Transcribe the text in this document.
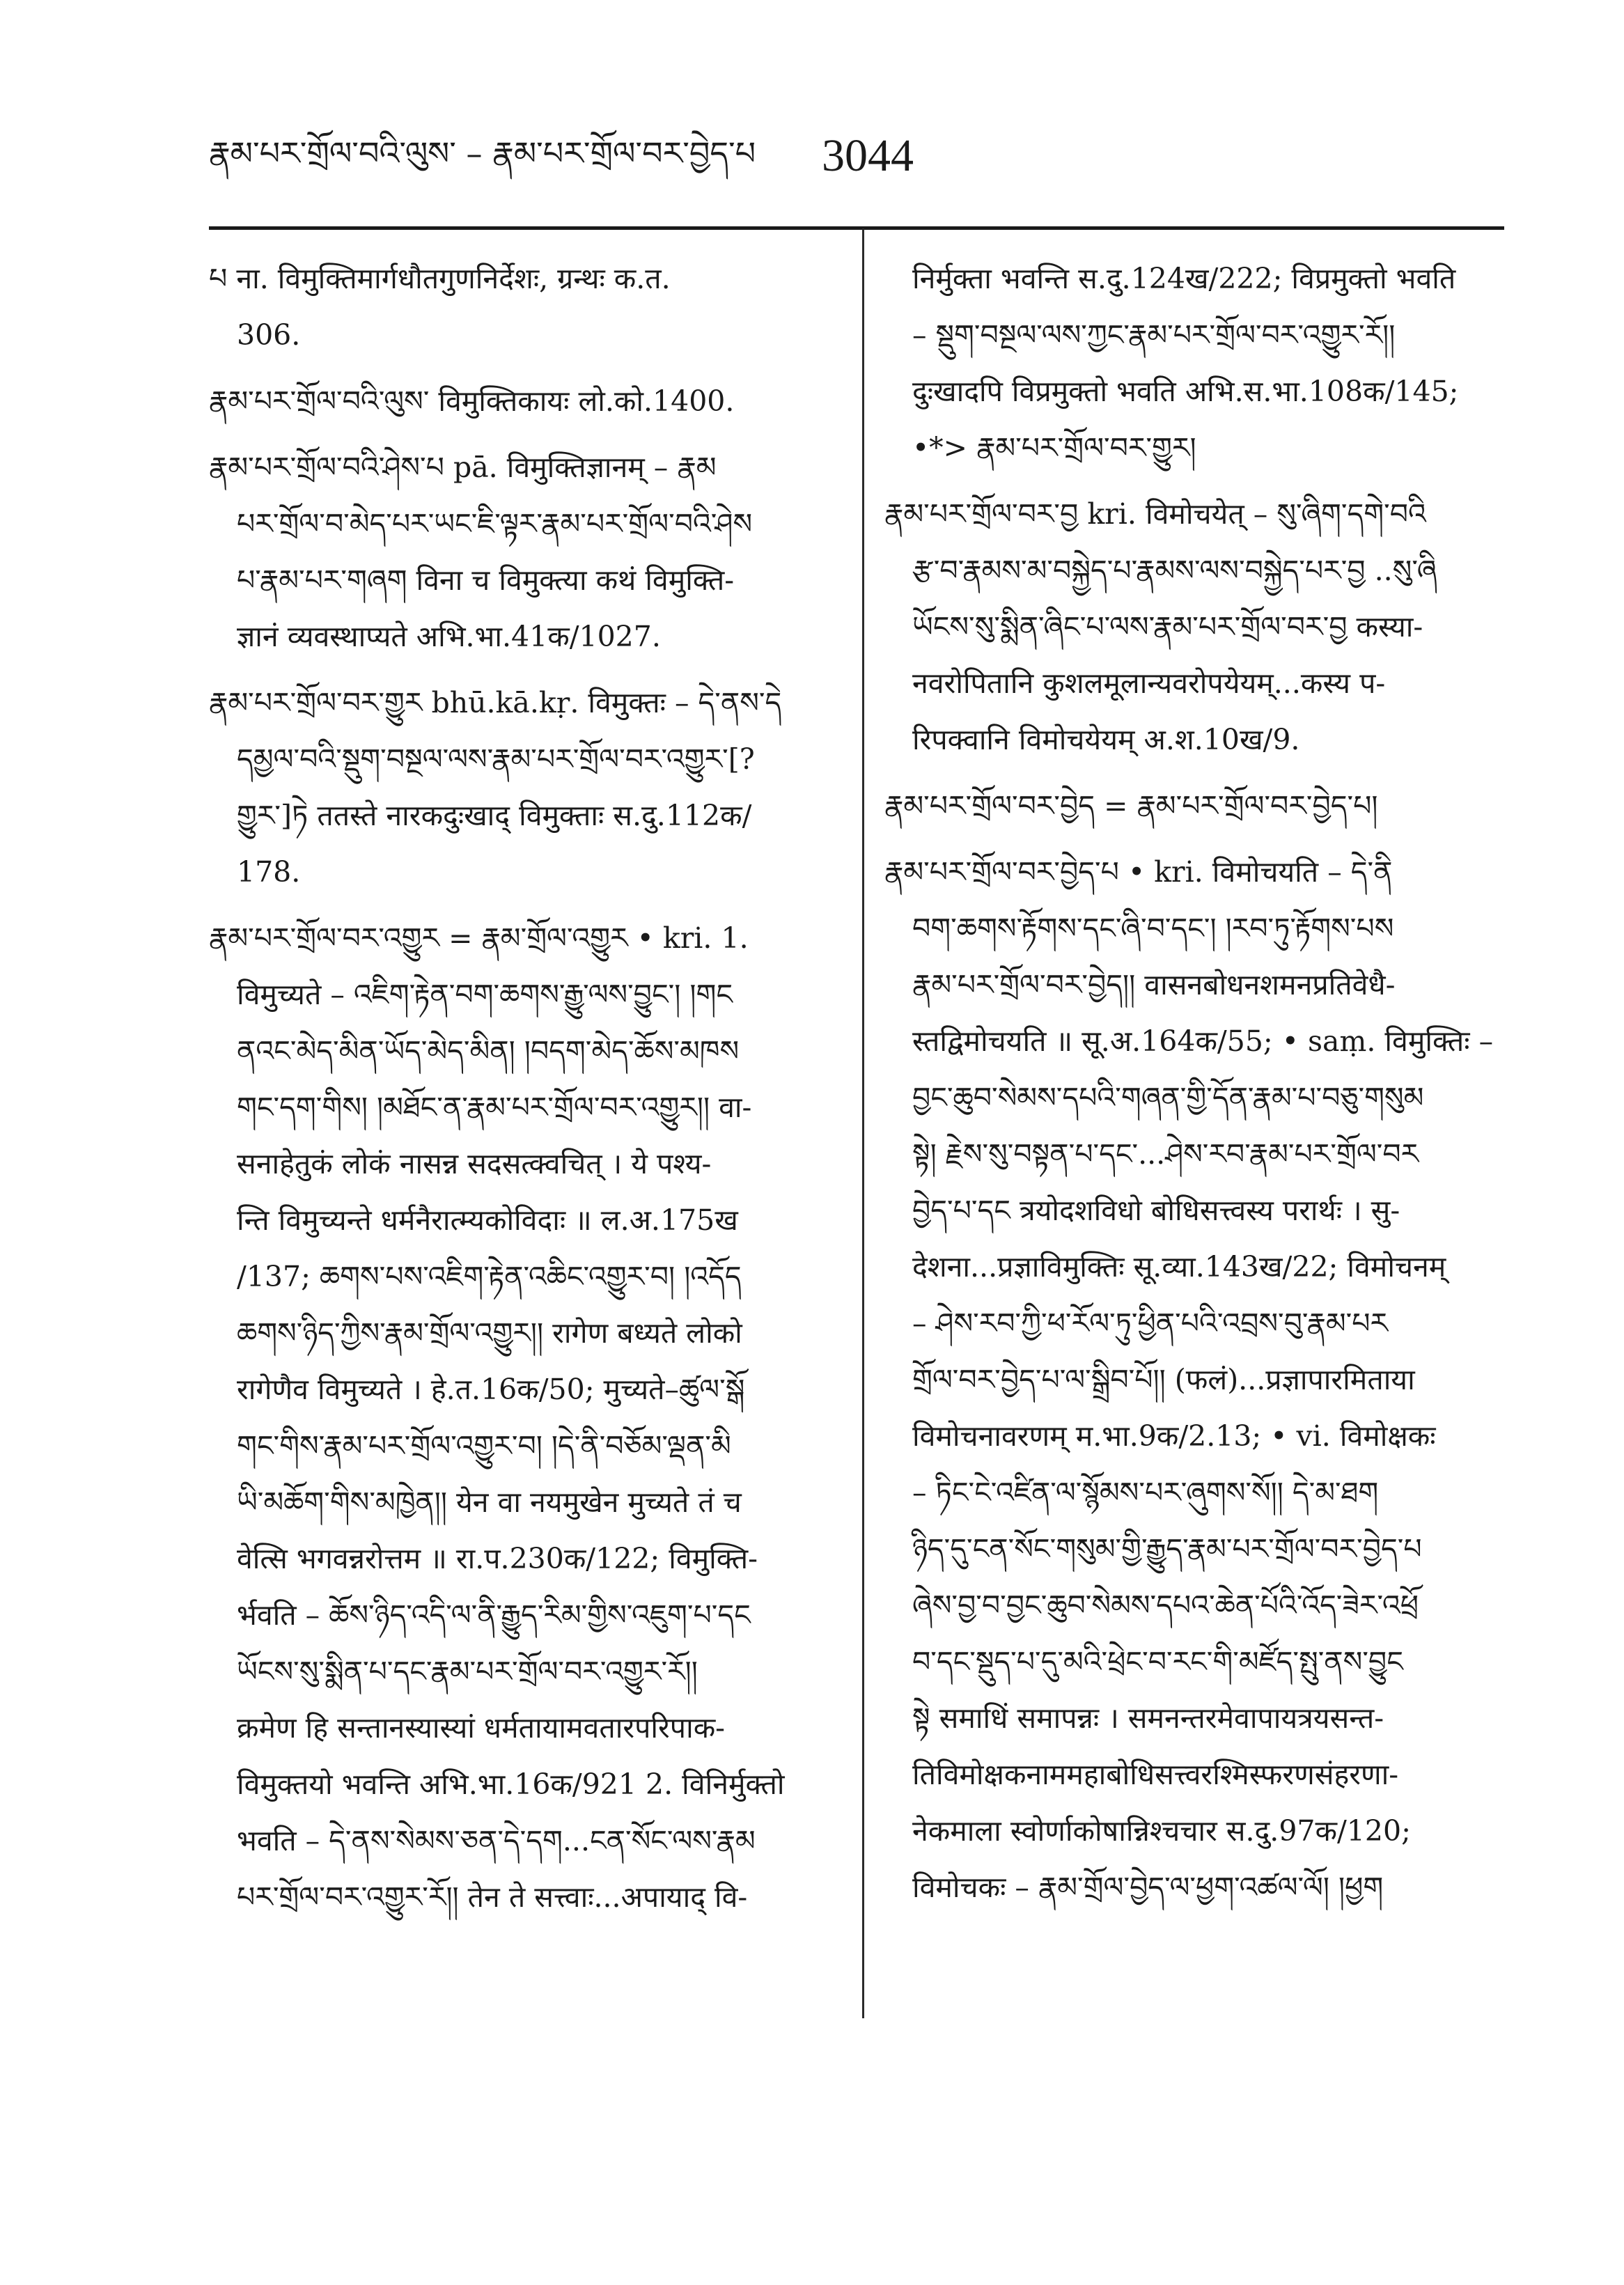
རྣམ་པར་གྲོལ་བའི་ལུས་ – རྣམ་པར་གྲོལ་བར་བྱེད་པ 3044
པ ना. विमुक्तिमार्गधौतगुणनिर्देशः, ग्रन्थः क.त.
306.
རྣམ་པར་གྲོལ་བའི་ལུས་ विमुक्तिकायः लो.को.1400.
རྣམ་པར་གྲོལ་བའི་ཤེས་པ pā. विमुक्तिज्ञानम् – རྣམ
པར་གྲོལ་བ་མེད་པར་ཡང་ཇི་ལྟར་རྣམ་པར་གྲོལ་བའི་ཤེས
པ་རྣམ་པར་གཞག विना च विमुक्त्या कथं विमुक्ति-
ज्ञानं व्यवस्थाप्यते अभि.भा.41क/1027.
རྣམ་པར་གྲོལ་བར་གྱུར bhū.kā.kṛ. विमुक्तः – དེ་ནས་དེ
དམྱལ་བའི་སྡུག་བསྔལ་ལས་རྣམ་པར་གྲོལ་བར་འགྱུར་[?
གྱུར་]ཏེ ततस्ते नारकदुःखाद् विमुक्ताः स.दु.112क/
178.
རྣམ་པར་གྲོལ་བར་འགྱུར = རྣམ་གྲོལ་འགྱུར • kri. 1.
विमुच्यते – འཇིག་རྟེན་བག་ཆགས་རྒྱུ་ལས་བྱུང་། །གང
ནའང་མེད་མིན་ཡོད་མེད་མིན། །བདག་མེད་ཆོས་མཁས
གང་དག་གིས། །མཐོང་ན་རྣམ་པར་གྲོལ་བར་འགྱུར།། वा-
सनाहेतुकं लोकं नासन्न सदसत्क्वचित् । ये पश्य-
न्ति विमुच्यन्ते धर्मनैरात्म्यकोविदाः ॥ ल.अ.175ख
/137; ཆགས་པས་འཇིག་རྟེན་འཆིང་འགྱུར་བ། །འདོད
ཆགས་ཉིད་ཀྱིས་རྣམ་གྲོལ་འགྱུར།། रागेण बध्यते लोको
रागेणैव विमुच्यते । हे.त.16क/50; मुच्यते–ཚུལ་སྒོ
གང་གིས་རྣམ་པར་གྲོལ་འགྱུར་བ། །དེ་ནི་བཅོམ་ལྡན་མི
ཡི་མཆོག་གིས་མཁྱེན།། येन वा नयमुखेन मुच्यते तं च
वेत्सि भगवन्नरोत्तम ॥ रा.प.230क/122; विमुक्ति-
र्भवति – ཆོས་ཉིད་འདི་ལ་ནི་རྒྱུད་རིམ་གྱིས་འཇུག་པ་དང
ཡོངས་སུ་སྨིན་པ་དང་རྣམ་པར་གྲོལ་བར་འགྱུར་རོ།།
क्रमेण हि सन्तानस्यास्यां धर्मतायामवतारपरिपाक-
विमुक्तयो भवन्ति अभि.भा.16क/921 2. विनिर्मुक्तो
भवति – དེ་ནས་སེམས་ཅན་དེ་དག...ངན་སོང་ལས་རྣམ
པར་གྲོལ་བར་འགྱུར་རོ།། तेन ते सत्त्वाः...अपायाद् वि-
निर्मुक्ता भवन्ति स.दु.124ख/222; विप्रमुक्तो भवति
– སྡུག་བསྔལ་ལས་ཀྱང་རྣམ་པར་གྲོལ་བར་འགྱུར་རོ།།
दुःखादपि विप्रमुक्तो भवति अभि.स.भा.108क/145;
•*> རྣམ་པར་གྲོལ་བར་གྱུར།
རྣམ་པར་གྲོལ་བར་བྱ kri. विमोचयेत् – སུ་ཞིག་དགེ་བའི
རྩ་བ་རྣམས་མ་བསྐྱེད་པ་རྣམས་ལས་བསྐྱེད་པར་བྱ ..སུ་ཞི
ཡོངས་སུ་སྨིན་ཞིང་པ་ལས་རྣམ་པར་གྲོལ་བར་བྱ कस्या-
नवरोपितानि कुशलमूलान्यवरोपयेयम्...कस्य प-
रिपक्वानि विमोचयेयम् अ.श.10ख/9.
རྣམ་པར་གྲོལ་བར་བྱེད = རྣམ་པར་གྲོལ་བར་བྱེད་པ།
རྣམ་པར་གྲོལ་བར་བྱེད་པ • kri. विमोचयति – དེ་ནི
བག་ཆགས་རྟོགས་དང་ཞི་བ་དང་། །རབ་ཏུ་རྟོགས་པས
རྣམ་པར་གྲོལ་བར་བྱེད།། वासनबोधनशमनप्रतिवेधै-
स्तद्विमोचयति ॥ सू.अ.164क/55; • saṃ. विमुक्तिः –
བྱང་ཆུབ་སེམས་དཔའི་གཞན་གྱི་དོན་རྣམ་པ་བཅུ་གསུམ
སྟེ། རྗེས་སུ་བསྟན་པ་དང་...ཤེས་རབ་རྣམ་པར་གྲོལ་བར
བྱེད་པ་དང त्रयोदशविधो बोधिसत्त्वस्य परार्थः । सु-
देशना...प्रज्ञाविमुक्तिः सू.व्या.143ख/22; विमोचनम्
– ཤེས་རབ་ཀྱི་ཕ་རོལ་ཏུ་ཕྱིན་པའི་འབྲས་བུ་རྣམ་པར
གྲོལ་བར་བྱེད་པ་ལ་སྒྲིབ་པོ།། (फलं)...प्रज्ञापारमिताया
विमोचनावरणम् म.भा.9क/2.13; • vi. विमोक्षकः
– ཏིང་ངེ་འཛིན་ལ་སྙོམས་པར་ཞུགས་སོ།། དེ་མ་ཐག
ཉིད་དུ་ངན་སོང་གསུམ་གྱི་རྒྱུད་རྣམ་པར་གྲོལ་བར་བྱེད་པ
ཞེས་བྱ་བ་བྱང་ཆུབ་སེམས་དཔའ་ཆེན་པོའི་འོད་ཟེར་འཕྲོ
བ་དང་སྡུད་པ་དུ་མའི་ཕྲེང་བ་རང་གི་མཛོད་སྤུ་ནས་བྱུང
སྟེ समाधिं समापन्नः । समनन्तरमेवापायत्रयसन्त-
तिविमोक्षकनाममहाबोधिसत्त्वरश्मिस्फरणसंहरणा-
नेकमाला स्वोर्णाकोषान्निश्चचार स.दु.97क/120;
विमोचकः – རྣམ་གྲོལ་བྱེད་ལ་ཕྱག་འཚལ་ལོ། །ཕྱག
